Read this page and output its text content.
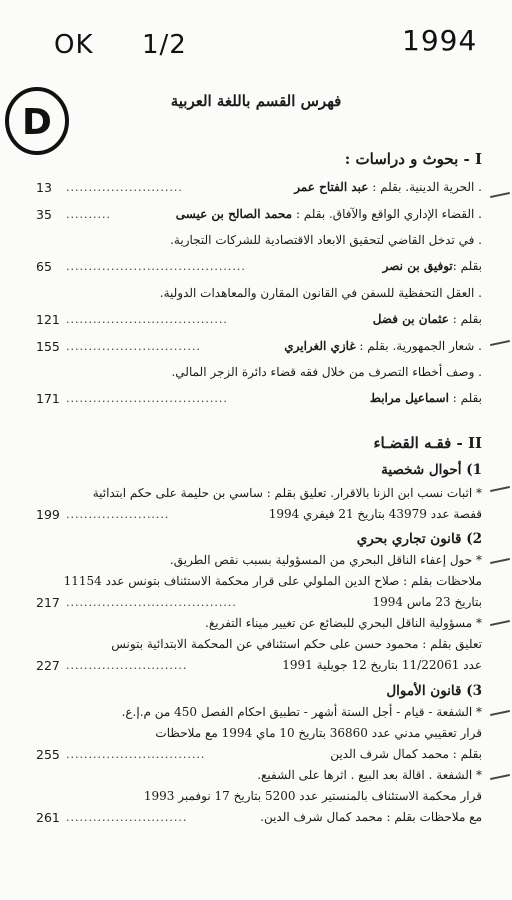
OK 1/2	1994
D
فهرس القسم باللغة العربية
I - بحوث و دراسات :
. الحرية الدينية. بقلم : عبد الفتاح عمر
..........................
13
. القضاء الإداري الواقع والآفاق. بقلم : محمد الصالح بن عيسى
..........
35
. في تدخل القاضي لتحقيق الابعاد الاقتصادية للشركات التجارية.
بقلم :توفيق بن نصر
........................................
65
. العقل التحفظية للسفن في القانون المقارن والمعاهدات الدولية.
بقلم : عثمان بن فضل
....................................
121
. شعار الجمهورية. بقلم : غازي الغرايري
..............................
155
. وصف أخطاء التصرف من خلال فقه قضاء دائرة الزجر المالي.
بقلم : اسماعيل مرابط
....................................
171
II - فقـه القضـاء
1) أحوال شخصية
* اثبات نسب ابن الزنا بالاقرار. تعليق بقلم : ساسي بن حليمة على حكم ابتدائية
قفصة عدد 43979 بتاريخ 21 فيفري 1994
.......................
199
2) قانون تجاري بحري
* حول إعفاء الناقل البحري من المسؤولية بسبب نقص الطريق.
ملاحظات بقلم : صلاح الدين الملولي على قرار محكمة الاستئناف بتونس عدد 11154
بتاريخ 23 ماس 1994
......................................
217
* مسؤولية الناقل البحري للبضائع عن تغيير ميناء التفريغ.
تعليق بقلم : محمود حسن على حكم استئنافي عن المحكمة الابتدائية بتونس
عدد 11/22061 بتاريخ 12 جويلية 1991
...........................
227
3) قانون الأموال
* الشفعة - قيام - أجل الستة أشهر - تطبيق احكام الفصل 450 من م.إ.ع.
قرار تعقيبي مدني عدد 36860 بتاريخ 10 ماي 1994 مع ملاحظات
بقلم : محمد كمال شرف الدين
...............................
255
* الشفعة . اقالة بعد البيع . اثرها على الشفيع.
قرار محكمة الاستئناف بالمنستير عدد 5200 بتاريخ 17 نوفمبر 1993
مع ملاحظات بقلم : محمد كمال شرف الدين.
...........................
261
